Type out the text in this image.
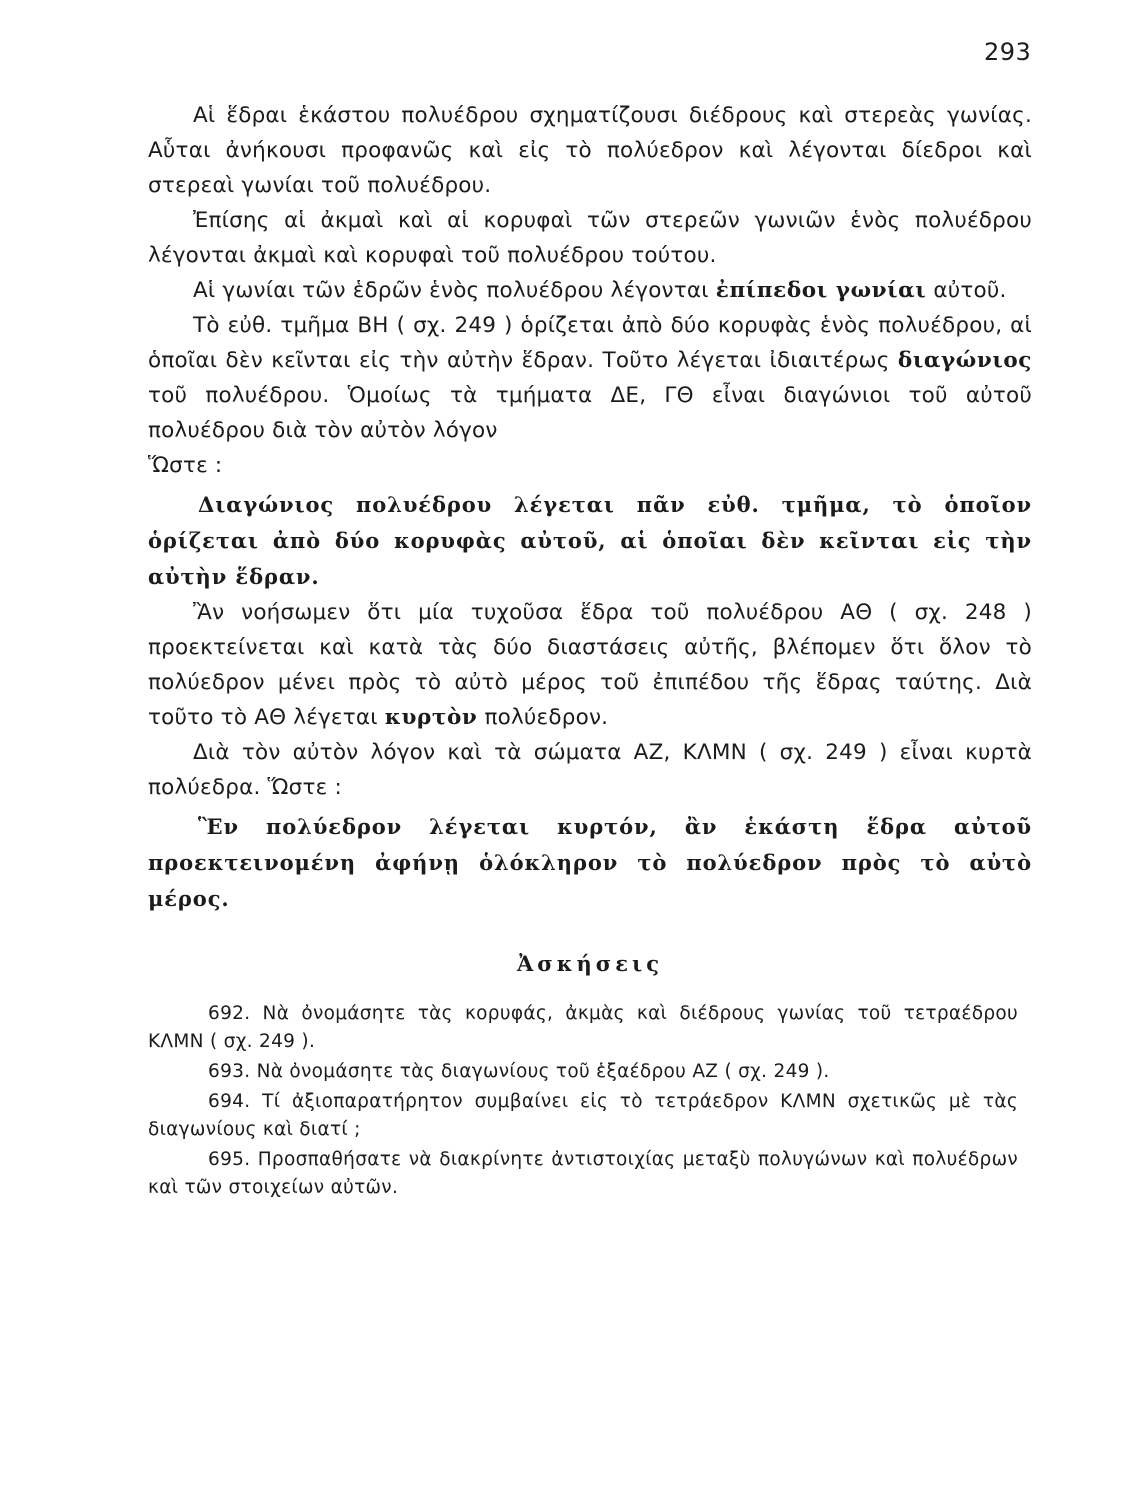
293

Αἱ ἕδραι ἑκάστου πολυέδρου σχηματίζουσι διέδρους καὶ στερεὰς γωνίας. Αὗται ἀνήκουσι προφανῶς καὶ εἰς τὸ πολύεδρον καὶ λέγονται δίεδροι καὶ στερεαὶ γωνίαι τοῦ πολυέδρου.

Ἐπίσης αἱ ἀκμαὶ καὶ αἱ κορυφαὶ τῶν στερεῶν γωνιῶν ἑνὸς πολυέδρου λέγονται ἀκμαὶ καὶ κορυφαὶ τοῦ πολυέδρου τούτου.

Αἱ γωνίαι τῶν ἑδρῶν ἑνὸς πολυέδρου λέγονται ἐπίπεδοι γωνίαι αὐτοῦ.

Τὸ εὐθ. τμῆμα ΒΗ ( σχ. 249 ) ὁρίζεται ἀπὸ δύο κορυφὰς ἑνὸς πολυέδρου, αἱ ὁποῖαι δὲν κεῖνται εἰς τὴν αὐτὴν ἕδραν. Τοῦτο λέγεται ἰδιαιτέρως διαγώνιος τοῦ πολυέδρου. Ὁμοίως τὰ τμήματα ΔΕ, ΓΘ εἶναι διαγώνιοι τοῦ αὐτοῦ πολυέδρου διὰ τὸν αὐτὸν λόγον

Ὥστε :

Διαγώνιος πολυέδρου λέγεται πᾶν εὐθ. τμῆμα, τὸ ὁποῖον ὁρίζεται ἀπὸ δύο κορυφὰς αὐτοῦ, αἱ ὁποῖαι δὲν κεῖνται εἰς τὴν αὐτὴν ἕδραν.

Ἂν νοήσωμεν ὅτι μία τυχοῦσα ἕδρα τοῦ πολυέδρου ΑΘ ( σχ. 248 ) προεκτείνεται καὶ κατὰ τὰς δύο διαστάσεις αὐτῆς, βλέπομεν ὅτι ὅλον τὸ πολύεδρον μένει πρὸς τὸ αὐτὸ μέρος τοῦ ἐπιπέδου τῆς ἕδρας ταύτης. Διὰ τοῦτο τὸ ΑΘ λέγεται κυρτὸν πολύεδρον.

Διὰ τὸν αὐτὸν λόγον καὶ τὰ σώματα ΑΖ, ΚΛΜΝ ( σχ. 249 ) εἶναι κυρτὰ πολύεδρα. Ὥστε :

Ἓν πολύεδρον λέγεται κυρτόν, ἂν ἑκάστη ἕδρα αὐτοῦ προεκτεινομένη ἀφήνῃ ὁλόκληρον τὸ πολύεδρον πρὸς τὸ αὐτὸ μέρος.

Ἀσκήσεις

692. Νὰ ὀνομάσητε τὰς κορυφάς, ἀκμὰς καὶ διέδρους γωνίας τοῦ τετραέδρου ΚΛΜΝ ( σχ. 249 ).

693. Νὰ ὀνομάσητε τὰς διαγωνίους τοῦ ἑξαέδρου ΑΖ ( σχ. 249 ).

694. Τί ἀξιοπαρατήρητον συμβαίνει εἰς τὸ τετράεδρον ΚΛΜΝ σχετικῶς μὲ τὰς διαγωνίους καὶ διατί ;

695. Προσπαθήσατε νὰ διακρίνητε ἀντιστοιχίας μεταξὺ πολυγώνων καὶ πολυέδρων καὶ τῶν στοιχείων αὐτῶν.
